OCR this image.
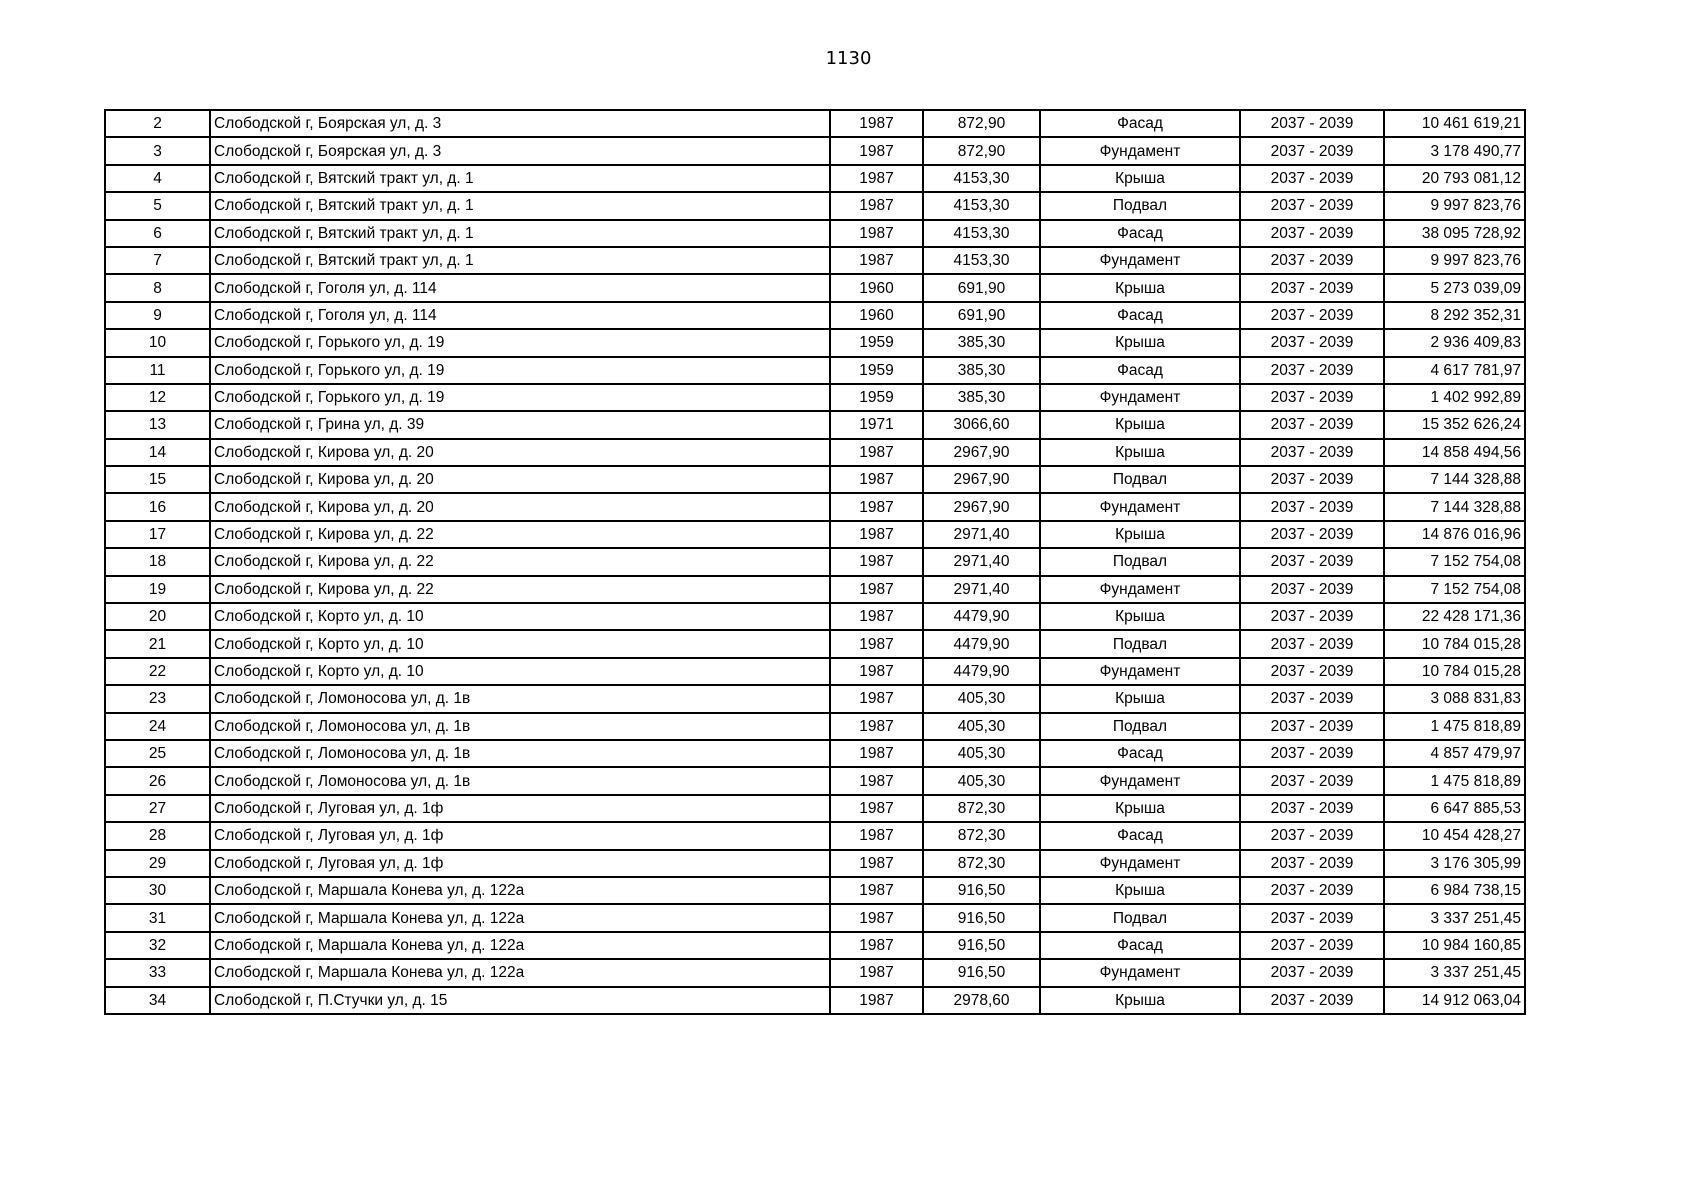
1130
2	Слободской г, Боярская ул, д. 3	1987	872,90	Фасад	2037 - 2039	10 461 619,21
3	Слободской г, Боярская ул, д. 3	1987	872,90	Фундамент	2037 - 2039	3 178 490,77
4	Слободской г, Вятский тракт ул, д. 1	1987	4153,30	Крыша	2037 - 2039	20 793 081,12
5	Слободской г, Вятский тракт ул, д. 1	1987	4153,30	Подвал	2037 - 2039	9 997 823,76
6	Слободской г, Вятский тракт ул, д. 1	1987	4153,30	Фасад	2037 - 2039	38 095 728,92
7	Слободской г, Вятский тракт ул, д. 1	1987	4153,30	Фундамент	2037 - 2039	9 997 823,76
8	Слободской г, Гоголя ул, д. 114	1960	691,90	Крыша	2037 - 2039	5 273 039,09
9	Слободской г, Гоголя ул, д. 114	1960	691,90	Фасад	2037 - 2039	8 292 352,31
10	Слободской г, Горького ул, д. 19	1959	385,30	Крыша	2037 - 2039	2 936 409,83
11	Слободской г, Горького ул, д. 19	1959	385,30	Фасад	2037 - 2039	4 617 781,97
12	Слободской г, Горького ул, д. 19	1959	385,30	Фундамент	2037 - 2039	1 402 992,89
13	Слободской г, Грина ул, д. 39	1971	3066,60	Крыша	2037 - 2039	15 352 626,24
14	Слободской г, Кирова ул, д. 20	1987	2967,90	Крыша	2037 - 2039	14 858 494,56
15	Слободской г, Кирова ул, д. 20	1987	2967,90	Подвал	2037 - 2039	7 144 328,88
16	Слободской г, Кирова ул, д. 20	1987	2967,90	Фундамент	2037 - 2039	7 144 328,88
17	Слободской г, Кирова ул, д. 22	1987	2971,40	Крыша	2037 - 2039	14 876 016,96
18	Слободской г, Кирова ул, д. 22	1987	2971,40	Подвал	2037 - 2039	7 152 754,08
19	Слободской г, Кирова ул, д. 22	1987	2971,40	Фундамент	2037 - 2039	7 152 754,08
20	Слободской г, Корто ул, д. 10	1987	4479,90	Крыша	2037 - 2039	22 428 171,36
21	Слободской г, Корто ул, д. 10	1987	4479,90	Подвал	2037 - 2039	10 784 015,28
22	Слободской г, Корто ул, д. 10	1987	4479,90	Фундамент	2037 - 2039	10 784 015,28
23	Слободской г, Ломоносова ул, д. 1в	1987	405,30	Крыша	2037 - 2039	3 088 831,83
24	Слободской г, Ломоносова ул, д. 1в	1987	405,30	Подвал	2037 - 2039	1 475 818,89
25	Слободской г, Ломоносова ул, д. 1в	1987	405,30	Фасад	2037 - 2039	4 857 479,97
26	Слободской г, Ломоносова ул, д. 1в	1987	405,30	Фундамент	2037 - 2039	1 475 818,89
27	Слободской г, Луговая ул, д. 1ф	1987	872,30	Крыша	2037 - 2039	6 647 885,53
28	Слободской г, Луговая ул, д. 1ф	1987	872,30	Фасад	2037 - 2039	10 454 428,27
29	Слободской г, Луговая ул, д. 1ф	1987	872,30	Фундамент	2037 - 2039	3 176 305,99
30	Слободской г, Маршала Конева ул, д. 122а	1987	916,50	Крыша	2037 - 2039	6 984 738,15
31	Слободской г, Маршала Конева ул, д. 122а	1987	916,50	Подвал	2037 - 2039	3 337 251,45
32	Слободской г, Маршала Конева ул, д. 122а	1987	916,50	Фасад	2037 - 2039	10 984 160,85
33	Слободской г, Маршала Конева ул, д. 122а	1987	916,50	Фундамент	2037 - 2039	3 337 251,45
34	Слободской г, П.Стучки ул, д. 15	1987	2978,60	Крыша	2037 - 2039	14 912 063,04
